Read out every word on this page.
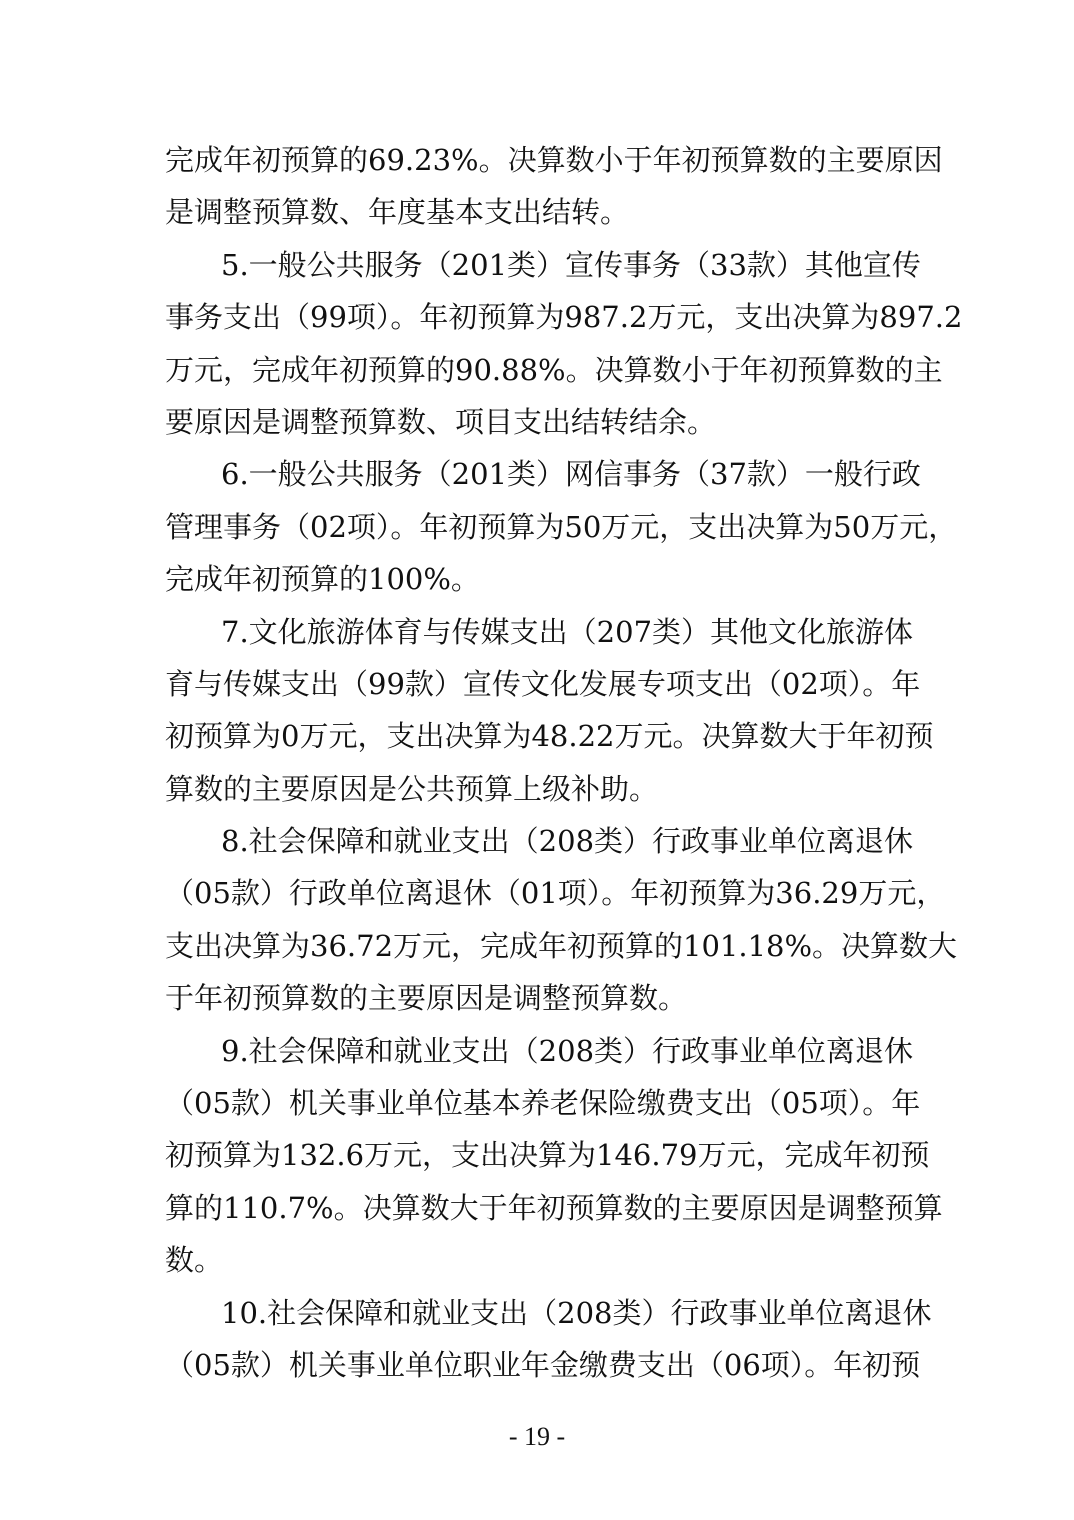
完成年初预算的69.23%。决算数小于年初预算数的主要原因
是调整预算数、年度基本支出结转。
5.一般公共服务（201类）宣传事务（33款）其他宣传
事务支出（99项）。年初预算为987.2万元，支出决算为897.2
万元，完成年初预算的90.88%。决算数小于年初预算数的主
要原因是调整预算数、项目支出结转结余。
6.一般公共服务（201类）网信事务（37款）一般行政
管理事务（02项）。年初预算为50万元，支出决算为50万元，
完成年初预算的100%。
7.文化旅游体育与传媒支出（207类）其他文化旅游体
育与传媒支出（99款）宣传文化发展专项支出（02项）。年
初预算为0万元，支出决算为48.22万元。决算数大于年初预
算数的主要原因是公共预算上级补助。
8.社会保障和就业支出（208类）行政事业单位离退休
（05款）行政单位离退休（01项）。年初预算为36.29万元，
支出决算为36.72万元，完成年初预算的101.18%。决算数大
于年初预算数的主要原因是调整预算数。
9.社会保障和就业支出（208类）行政事业单位离退休
（05款）机关事业单位基本养老保险缴费支出（05项）。年
初预算为132.6万元，支出决算为146.79万元，完成年初预
算的110.7%。决算数大于年初预算数的主要原因是调整预算
数。
10.社会保障和就业支出（208类）行政事业单位离退休
（05款）机关事业单位职业年金缴费支出（06项）。年初预
- 19 -
